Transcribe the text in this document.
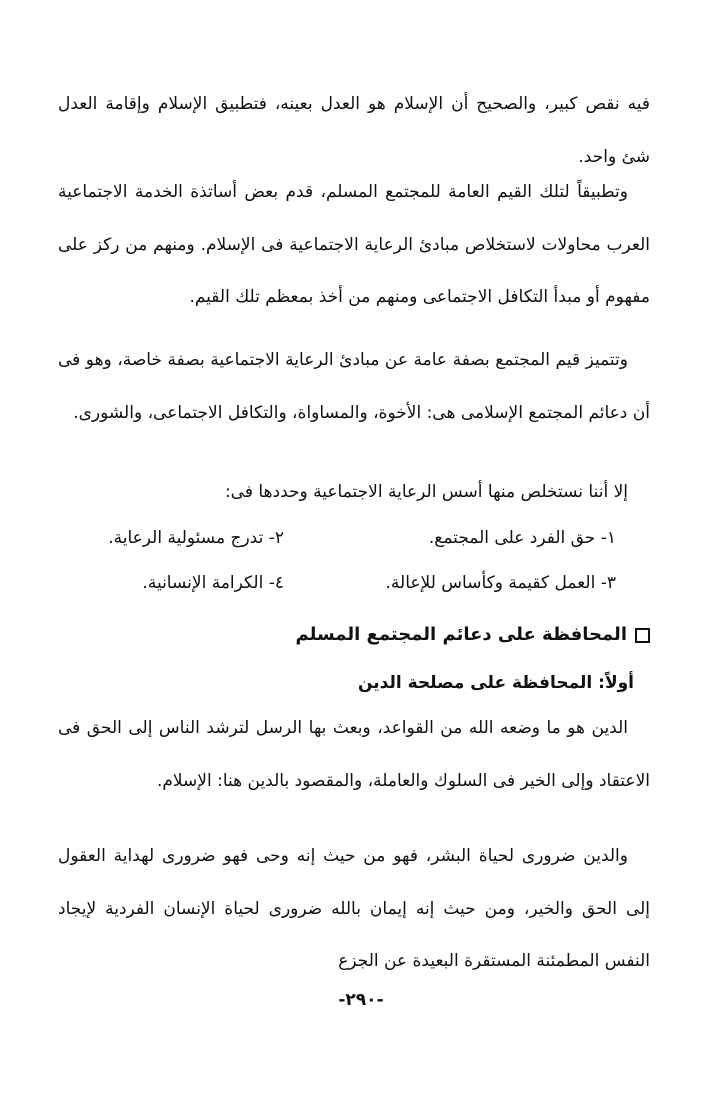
فيه نقص كبير، والصحيح أن الإسلام هو العدل بعينه، فتطبيق الإسلام وإقامة العدل شئ واحد.

وتطبيقاً لتلك القيم العامة للمجتمع المسلم، قدم بعض أساتذة الخدمة الاجتماعية العرب محاولات لاستخلاص مبادئ الرعاية الاجتماعية فى الإسلام. ومنهم من ركز على مفهوم أو مبدأ التكافل الاجتماعى ومنهم من أخذ بمعظم تلك القيم.

وتتميز قيم المجتمع بصفة عامة عن مبادئ الرعاية الاجتماعية بصفة خاصة، وهو فى أن دعائم المجتمع الإسلامى هى: الأخوة، والمساواة، والتكافل الاجتماعى، والشورى.

إلا أننا نستخلص منها أسس الرعاية الاجتماعية وحددها فى:

١- حق الفرد على المجتمع.
٢- تدرج مسئولية الرعاية.
٣- العمل كقيمة وكأساس للإعالة.
٤- الكرامة الإنسانية.
المحافظة على دعائم المجتمع المسلم
أولاً: المحافظة على مصلحة الدين

الدين هو ما وضعه الله من القواعد، وبعث بها الرسل لترشد الناس إلى الحق فى الاعتقاد وإلى الخير فى السلوك والعاملة، والمقصود بالدين هنا: الإسلام.

والدين ضرورى لحياة البشر، فهو من حيث إنه وحى فهو ضرورى لهداية العقول إلى الحق والخير، ومن حيث إنه إيمان بالله ضرورى لحياة الإنسان الفردية لإيجاد النفس المطمئنة المستقرة البعيدة عن الجزع

-٢٩٠-
